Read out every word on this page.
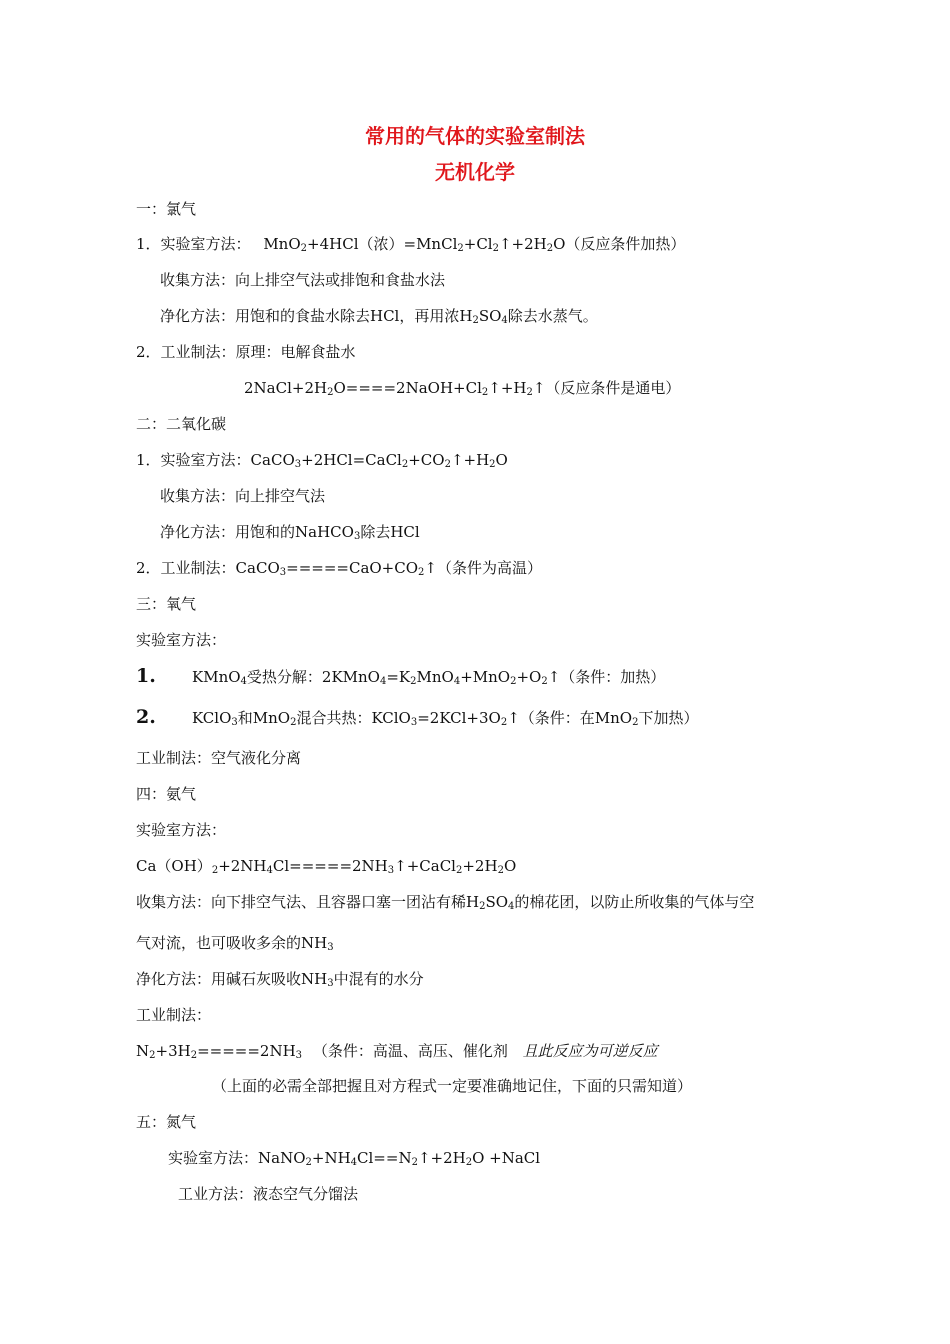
常用的气体的实验室制法
无机化学
一：氯气
1．实验室方法： MnO$_2$+4HCl（浓）$=MnCl_2+Cl_2↑+2H_2O$（反应条件加热）
收集方法：向上排空气法或排饱和食盐水法
净化方法：用饱和的食盐水除去HCl，再用浓$H_2SO_4$除去水蒸气。
2．工业制法：原理：电解食盐水
$2NaCl+2H_2O====2NaOH+Cl_2↑+H_2↑$（反应条件是通电）
二：二氧化碳
1．实验室方法：$CaCO_3+2HCl=CaCl_2+CO_2↑+H_2O$
收集方法：向上排空气法
净化方法：用饱和的NaHCO$_3$除去HCl
2．工业制法：$CaCO_3=====CaO+CO_2↑$（条件为高温）
三：氧气
实验室方法：
1. KMnO$_4$受热分解：$2KMnO_4=K_2MnO_4+MnO_2+O_2↑$（条件：加热）
2. KClO$_3$和MnO$_2$混合共热：$KClO_3=2KCl+3O_2↑$（条件：在MnO$_2$下加热）
工业制法：空气液化分离
四：氨气
实验室方法：
$Ca(OH)_2+2NH_4Cl=====2NH_3↑+CaCl_2+2H_2O$
收集方法：向下排空气法、且容器口塞一团沾有稀$H_2SO_4$的棉花团，以防止所收集的气体与空
气对流，也可吸收多余的$NH_3$
净化方法：用碱石灰吸收$NH_3$中混有的水分
工业制法：
$N_2+3H_2=====2NH_3$ （条件：高温、高压、催化剂 且此反应为可逆反应
（上面的必需全部把握且对方程式一定要准确地记住，下面的只需知道）
五：氮气
实验室方法：$NaNO_2+NH_4Cl==N_2↑+2H_2O$ +NaCl
工业方法：液态空气分馏法
